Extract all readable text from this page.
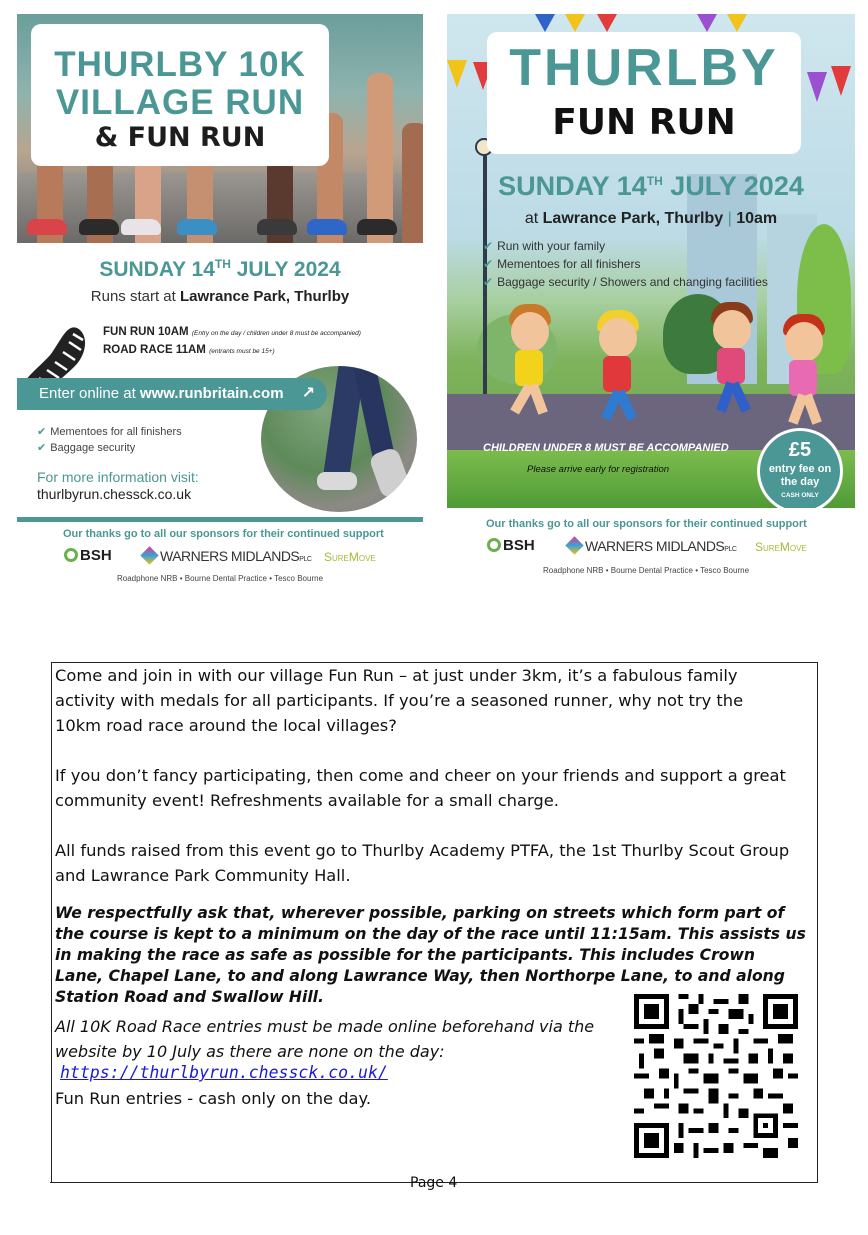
THURLBY 10K
VILLAGE RUN
& FUN RUN
SUNDAY 14TH JULY 2024
Runs start at Lawrance Park, Thurlby
FUN RUN 10AM (Entry on the day / children under 8 must be accompanied)
ROAD RACE 11AM (entrants must be 15+)
Enter online at www.runbritain.com ↗
✔ Mementoes for all finishers
✔ Baggage security
For more information visit:
thurlbyrun.chessck.co.uk
Our thanks go to all our sponsors for their continued support
BSH	WARNERS MIDLANDSPLC SureMove
Roadphone NRB • Bourne Dental Practice • Tesco Bourne
THURLBY
FUN RUN
SUNDAY 14TH JULY 2024
at Lawrance Park, Thurlby | 10am
✔ Run with your family
✔ Mementoes for all finishers
✔ Baggage security / Showers and changing facilities
CHILDREN UNDER 8 MUST BE ACCOMPANIED
Please arrive early for registration
£5
entry fee on
the day
CASH ONLY
Our thanks go to all our sponsors for their continued support
BSH	WARNERS MIDLANDSPLC SureMove
Roadphone NRB • Bourne Dental Practice • Tesco Bourne
Come and join in with our village Fun Run – at just under 3km, it’s a fabulous family
activity with medals for all participants. If you’re a seasoned runner, why not try the
10km road race around the local villages?
If you don’t fancy participating, then come and cheer on your friends and support a great
community event! Refreshments available for a small charge.
All funds raised from this event go to Thurlby Academy PTFA, the 1st Thurlby Scout Group
and Lawrance Park Community Hall.
We respectfully ask that, wherever possible, parking on streets which form part of
the course is kept to a minimum on the day of the race until 11:15am. This assists us
in making the race as safe as possible for the participants. This includes Crown
Lane, Chapel Lane, to and along Lawrance Way, then Northorpe Lane, to and along
Station Road and Swallow Hill.
All 10K Road Race entries must be made online beforehand via the
website by 10 July as there are none on the day:
https://thurlbyrun.chessck.co.uk/
Fun Run entries - cash only on the day.
Page 4
